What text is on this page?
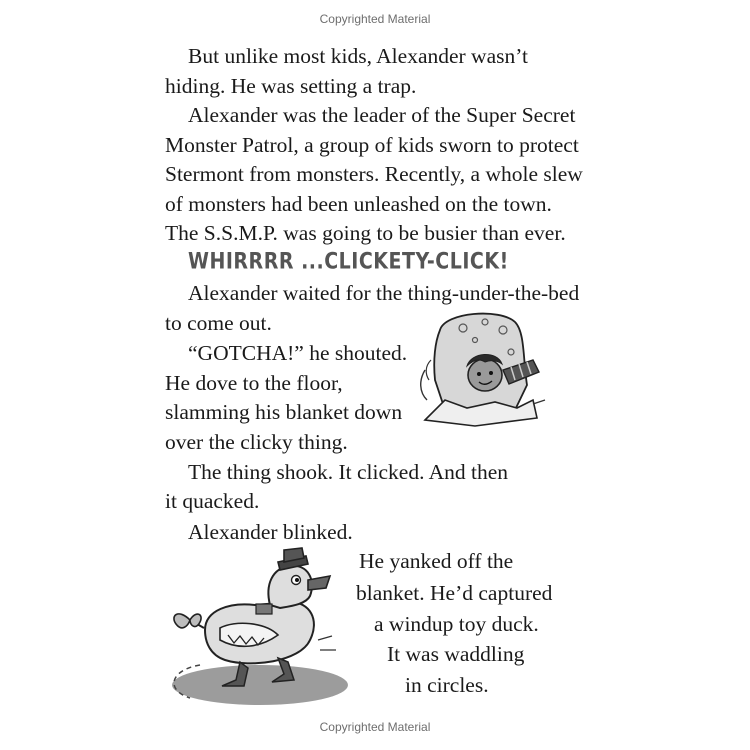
Copyrighted Material
But unlike most kids, Alexander wasn’t
hiding. He was setting a trap.
Alexander was the leader of the Super Secret
Monster Patrol, a group of kids sworn to protect
Stermont from monsters. Recently, a whole slew
of monsters had been unleashed on the town.
The S.S.M.P. was going to be busier than ever.
WHIRRRR ...CLICKETY-CLICK!
Alexander waited for the thing-under-the-bed
to come out.
“GOTCHA!” he shouted.
He dove to the floor,
slamming his blanket down
over the clicky thing.
The thing shook. It clicked. And then
it quacked.
Alexander blinked.
He yanked off the
blanket. He’d captured
a windup toy duck.
It was waddling
in circles.
Copyrighted Material
